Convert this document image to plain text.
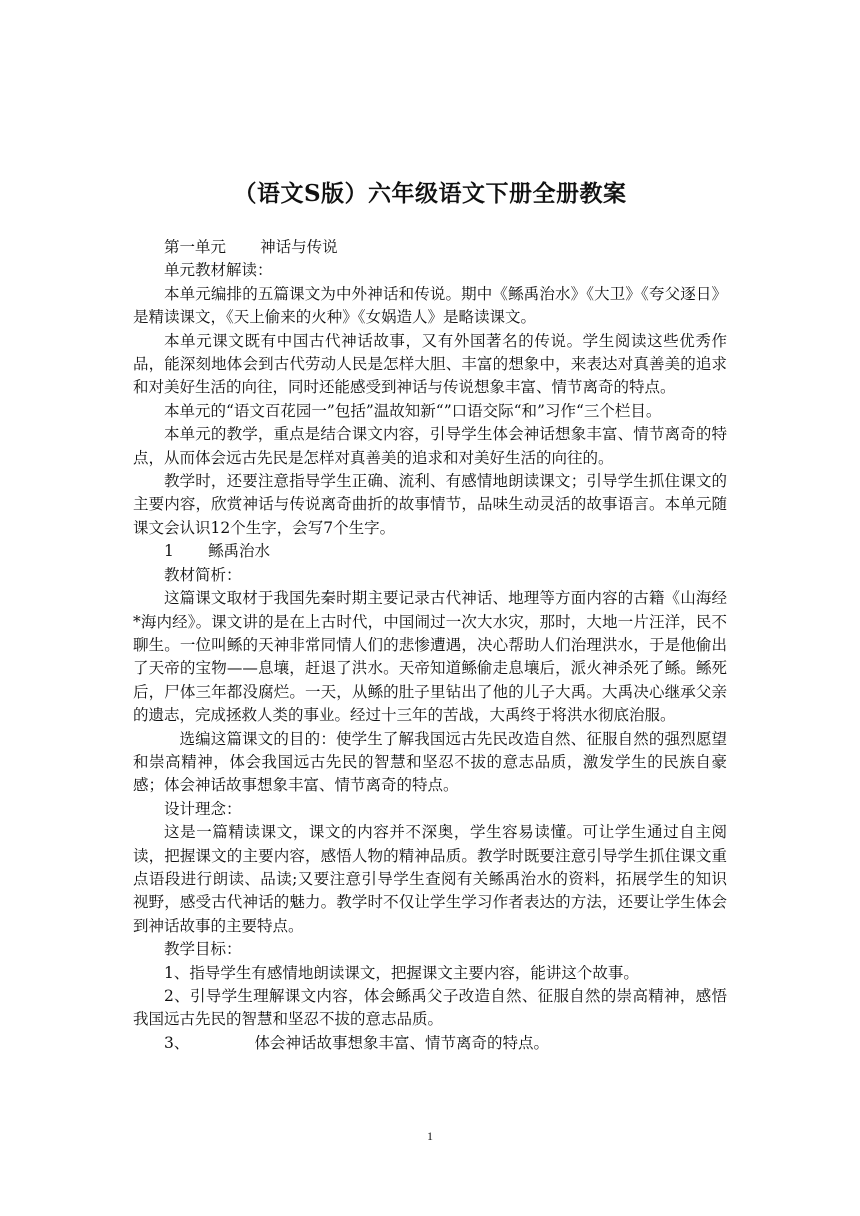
（语文S版）六年级语文下册全册教案

第一单元 神话与传说

单元教材解读：

本单元编排的五篇课文为中外神话和传说。期中《鲧禹治水》《大卫》《夸父逐日》是精读课文，《天上偷来的火种》《女娲造人》是略读课文。

本单元课文既有中国古代神话故事，又有外国著名的传说。学生阅读这些优秀作品，能深刻地体会到古代劳动人民是怎样大胆、丰富的想象中，来表达对真善美的追求和对美好生活的向往，同时还能感受到神话与传说想象丰富、情节离奇的特点。

本单元的“语文百花园一”包括”温故知新“”口语交际“和”习作“三个栏目。

本单元的教学，重点是结合课文内容，引导学生体会神话想象丰富、情节离奇的特点，从而体会远古先民是怎样对真善美的追求和对美好生活的向往的。

教学时，还要注意指导学生正确、流利、有感情地朗读课文；引导学生抓住课文的主要内容，欣赏神话与传说离奇曲折的故事情节，品味生动灵活的故事语言。本单元随课文会认识12个生字，会写7个生字。

1 鲧禹治水

教材简析：

这篇课文取材于我国先秦时期主要记录古代神话、地理等方面内容的古籍《山海经*海内经》。课文讲的是在上古时代，中国闹过一次大水灾，那时，大地一片汪洋，民不聊生。一位叫鲧的天神非常同情人们的悲惨遭遇，决心帮助人们治理洪水，于是他偷出了天帝的宝物——息壤，赶退了洪水。天帝知道鲧偷走息壤后，派火神杀死了鲧。鲧死后，尸体三年都没腐烂。一天，从鲧的肚子里钻出了他的儿子大禹。大禹决心继承父亲的遗志，完成拯救人类的事业。经过十三年的苦战，大禹终于将洪水彻底治服。

选编这篇课文的目的：使学生了解我国远古先民改造自然、征服自然的强烈愿望和崇高精神，体会我国远古先民的智慧和坚忍不拔的意志品质，激发学生的民族自豪感；体会神话故事想象丰富、情节离奇的特点。

设计理念：

这是一篇精读课文，课文的内容并不深奥，学生容易读懂。可让学生通过自主阅读，把握课文的主要内容，感悟人物的精神品质。教学时既要注意引导学生抓住课文重点语段进行朗读、品读;又要注意引导学生查阅有关鲧禹治水的资料，拓展学生的知识视野，感受古代神话的魅力。教学时不仅让学生学习作者表达的方法，还要让学生体会到神话故事的主要特点。

教学目标：

1、指导学生有感情地朗读课文，把握课文主要内容，能讲这个故事。

2、引导学生理解课文内容，体会鲧禹父子改造自然、征服自然的崇高精神，感悟我国远古先民的智慧和坚忍不拔的意志品质。

3、	体会神话故事想象丰富、情节离奇的特点。

1
